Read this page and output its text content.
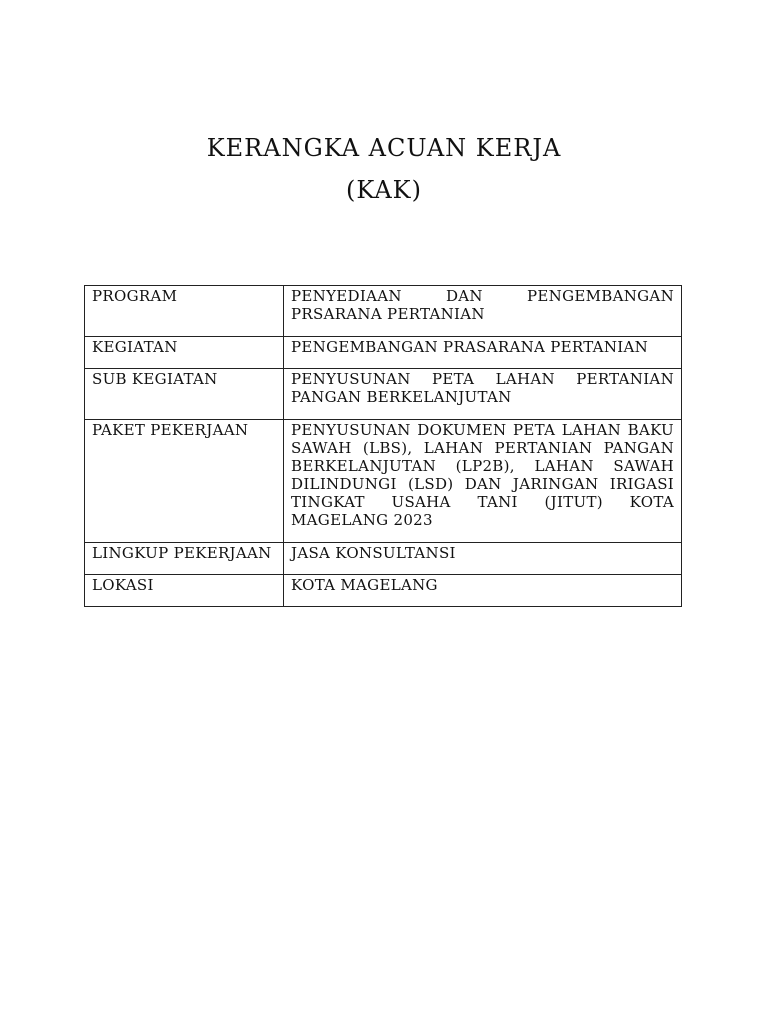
KERANGKA ACUAN KERJA
(KAK)
PROGRAM	PENYEDIAAN DAN PENGEMBANGAN PRSARANA PERTANIAN
KEGIATAN	PENGEMBANGAN PRASARANA PERTANIAN
SUB KEGIATAN	PENYUSUNAN PETA LAHAN PERTANIAN PANGAN BERKELANJUTAN
PAKET PEKERJAAN	PENYUSUNAN DOKUMEN PETA LAHAN BAKU SAWAH (LBS), LAHAN PERTANIAN PANGAN BERKELANJUTAN (LP2B), LAHAN SAWAH DILINDUNGI (LSD) DAN JARINGAN IRIGASI TINGKAT USAHA TANI (JITUT) KOTA MAGELANG 2023
LINGKUP PEKERJAAN	JASA KONSULTANSI
LOKASI	KOTA MAGELANG
